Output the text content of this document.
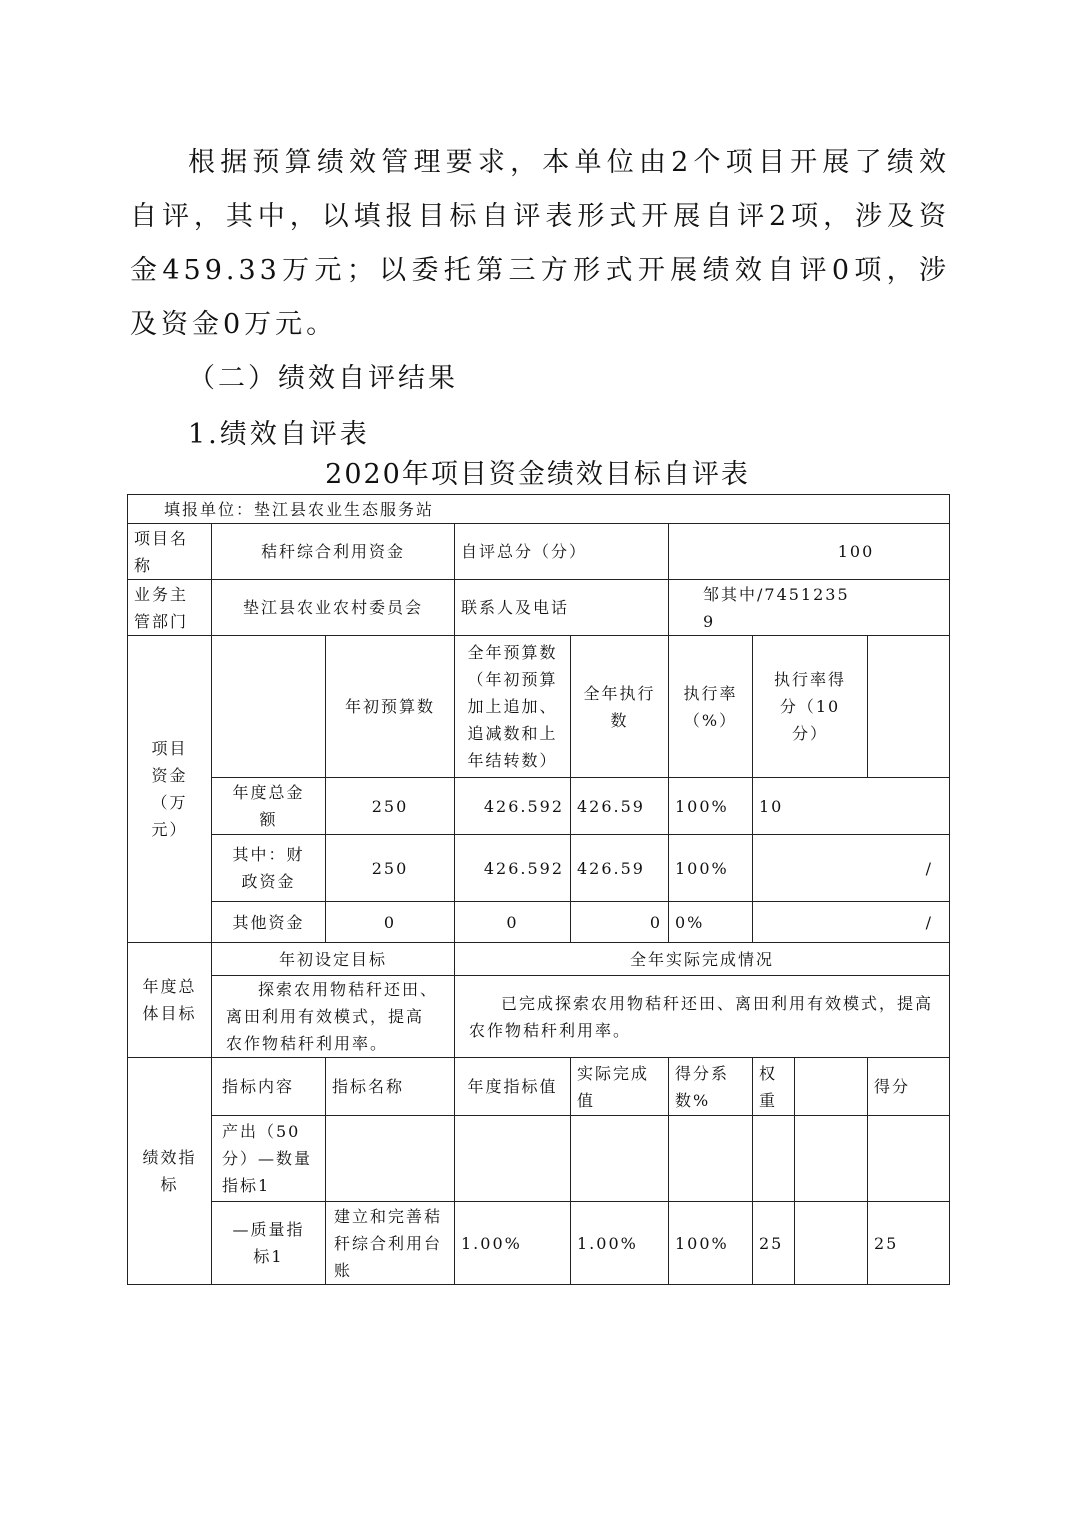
根据预算绩效管理要求，本单位由2个项目开展了绩效自评，其中，以填报目标自评表形式开展自评2项，涉及资金459.33万元；以委托第三方形式开展绩效自评0项，涉及资金0万元。

（二）绩效自评结果

1.绩效自评表

2020年项目资金绩效目标自评表

填报单位：垫江县农业生态服务站								
项目名称	秸秆综合利用资金		自评总分（分）		100			
业务主管部门	垫江县农业农村委员会		联系人及电话		邹其中/74512359			
项目资金（万元）		年初预算数	全年预算数（年初预算加上追加、追减数和上年结转数）	全年执行数	执行率（%）	执行率得分（10分）		
	年度总金额	250	426.592	426.59	100%	10		
	其中：财政资金	250	426.592	426.59	100%	/		
	其他资金	0	0	0	0%	/		
年度总体目标	年初设定目标		全年实际完成情况					
	探索农用物秸秆还田、离田利用有效模式，提高农作物秸秆利用率。		已完成探索农用物秸秆还田、离田利用有效模式，提高农作物秸秆利用率。					
绩效指标	指标内容	指标名称	年度指标值	实际完成值	得分系数%	权重		得分
	产出（50分）—数量指标1							
	—质量指标1	建立和完善秸秆综合利用台账	1.00%	1.00%	100%	25		25
